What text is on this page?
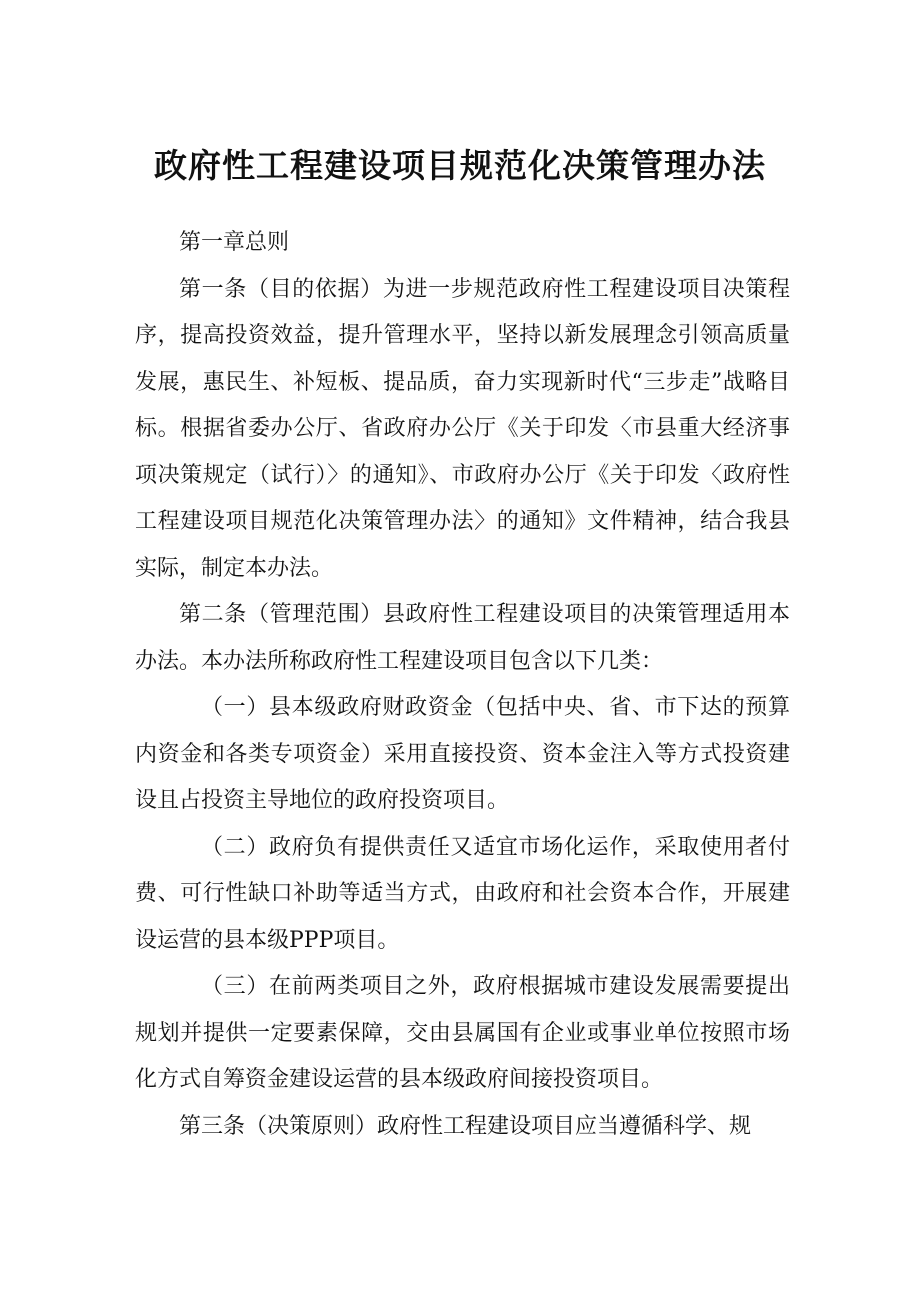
政府性工程建设项目规范化决策管理办法

第一章总则

第一条（目的依据）为进一步规范政府性工程建设项目决策程序，提高投资效益，提升管理水平，坚持以新发展理念引领高质量发展，惠民生、补短板、提品质，奋力实现新时代“三步走”战略目标。根据省委办公厅、省政府办公厅《关于印发〈市县重大经济事项决策规定（试行）〉的通知》、市政府办公厅《关于印发〈政府性工程建设项目规范化决策管理办法〉的通知》文件精神，结合我县实际，制定本办法。

第二条（管理范围）县政府性工程建设项目的决策管理适用本办法。本办法所称政府性工程建设项目包含以下几类：

（一）县本级政府财政资金（包括中央、省、市下达的预算内资金和各类专项资金）采用直接投资、资本金注入等方式投资建设且占投资主导地位的政府投资项目。

（二）政府负有提供责任又适宜市场化运作，采取使用者付费、可行性缺口补助等适当方式，由政府和社会资本合作，开展建设运营的县本级PPP项目。

（三）在前两类项目之外，政府根据城市建设发展需要提出规划并提供一定要素保障，交由县属国有企业或事业单位按照市场化方式自筹资金建设运营的县本级政府间接投资项目。

第三条（决策原则）政府性工程建设项目应当遵循科学、规
